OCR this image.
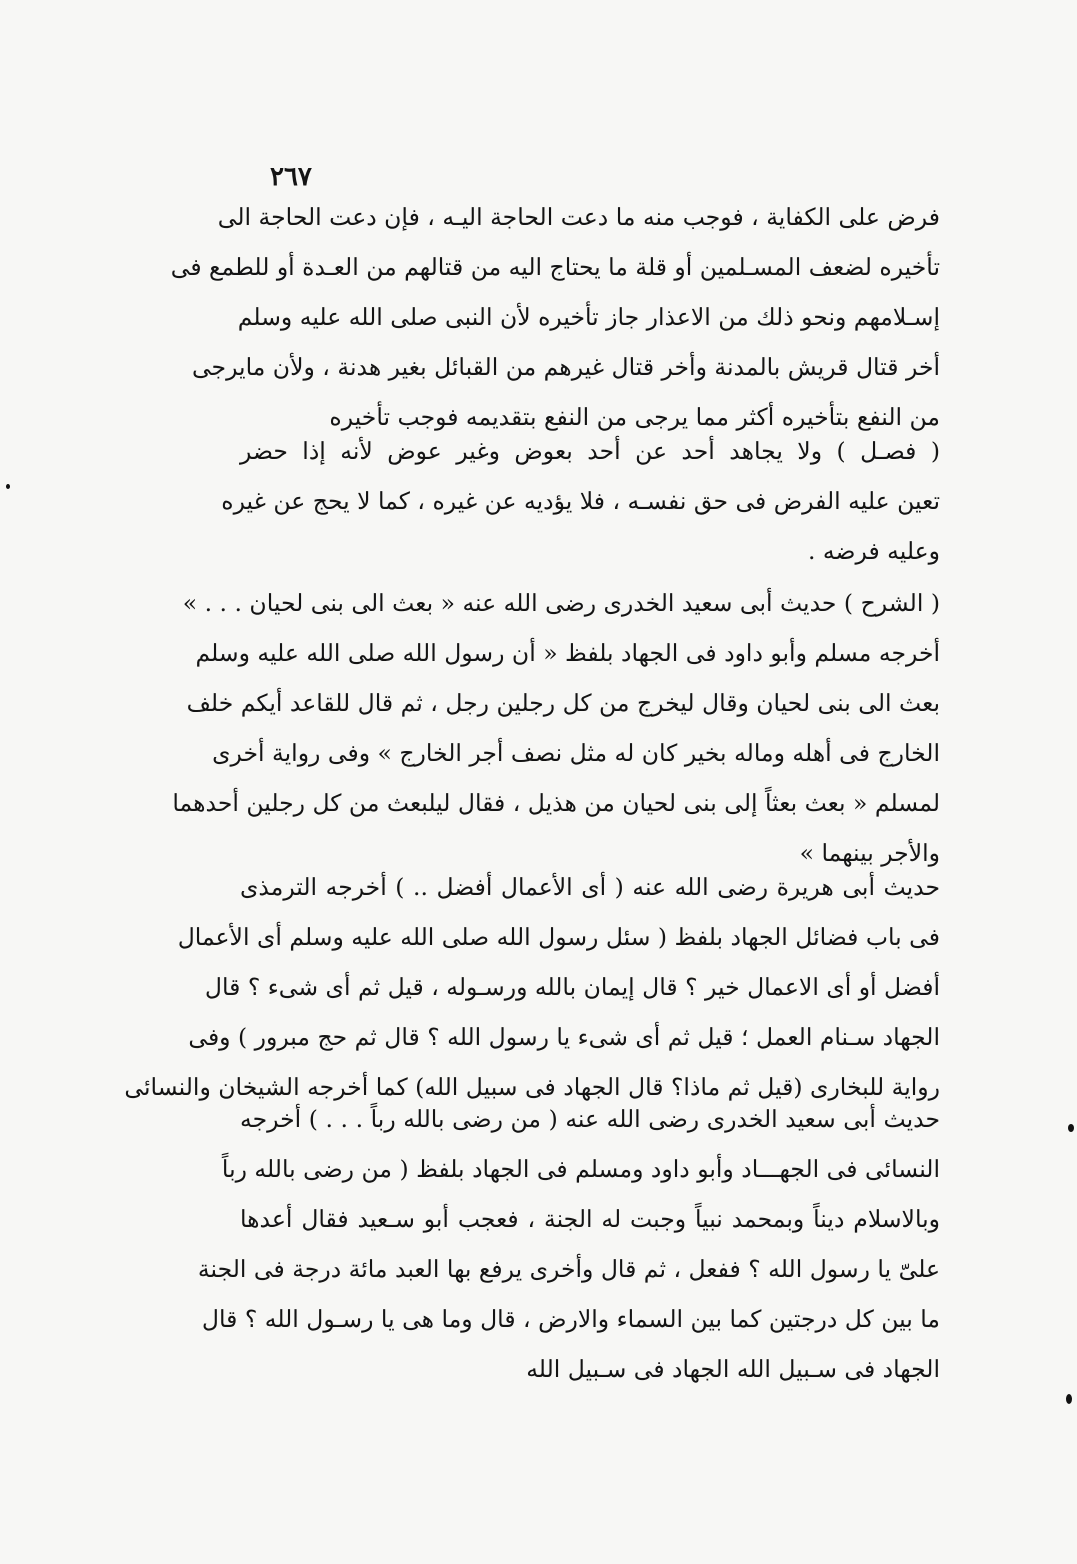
٢٦٧
فرض على الكفاية ، فوجب منه ما دعت الحاجة اليـه ، فإن دعت الحاجة الى
تأخيره لضعف المسـلمين أو قلة ما يحتاج اليه من قتالهم من العـدة أو للطمع فى
إسـلامهم ونحو ذلك من الاعذار جاز تأخيره لأن النبى صلى الله عليه وسلم
أخر قتال قريش بالمدنة وأخر قتال غيرهم من القبائل بغير هدنة ، ولأن مايرجى
من النفع بتأخيره أكثر مما يرجى من النفع بتقديمه فوجب تأخيره
( فصـل ) ولا يجاهد أحد عن أحد بعوض وغير عوض لأنه إذا حضر
تعين عليه الفرض فى حق نفسـه ، فلا يؤديه عن غيره ، كما لا يحج عن غيره
وعليه فرضه .
( الشرح ) حديث أبى سعيد الخدرى رضى الله عنه « بعث الى بنى لحيان . . . »
أخرجه مسلم وأبو داود فى الجهاد بلفظ « أن رسول الله صلى الله عليه وسلم
بعث الى بنى لحيان وقال ليخرج من كل رجلين رجل ، ثم قال للقاعد أيكم خلف
الخارج فى أهله وماله بخير كان له مثل نصف أجر الخارج » وفى رواية أخرى
لمسلم « بعث بعثاً إلى بنى لحيان من هذيل ، فقال ليلبعث من كل رجلين أحدهما
والأجر بينهما »
حديث أبى هريرة رضى الله عنه ( أى الأعمال أفضل .. ) أخرجه الترمذى
فى باب فضائل الجهاد بلفظ ( سئل رسول الله صلى الله عليه وسلم أى الأعمال
أفضل أو أى الاعمال خير ؟ قال إيمان بالله ورسـوله ، قيل ثم أى شىء ؟ قال
الجهاد سـنام العمل ؛ قيل ثم أى شىء يا رسول الله ؟ قال ثم حج مبرور ) وفى
رواية للبخارى (قيل ثم ماذا؟ قال الجهاد فى سبيل الله) كما أخرجه الشيخان والنسائى
حديث أبى سعيد الخدرى رضى الله عنه ( من رضى بالله رباً . . . ) أخرجه
النسائى فى الجهـــاد وأبو داود ومسلم فى الجهاد بلفظ ( من رضى بالله رباً
وبالاسلام ديناً وبمحمد نبياً وجبت له الجنة ، فعجب أبو سـعيد فقال أعدها
علىّ يا رسول الله ؟ ففعل ، ثم قال وأخرى يرفع بها العبد مائة درجة فى الجنة
ما بين كل درجتين كما بين السماء والارض ، قال وما هى يا رسـول الله ؟ قال
الجهاد فى سـبيل الله الجهاد فى سـبيل الله
